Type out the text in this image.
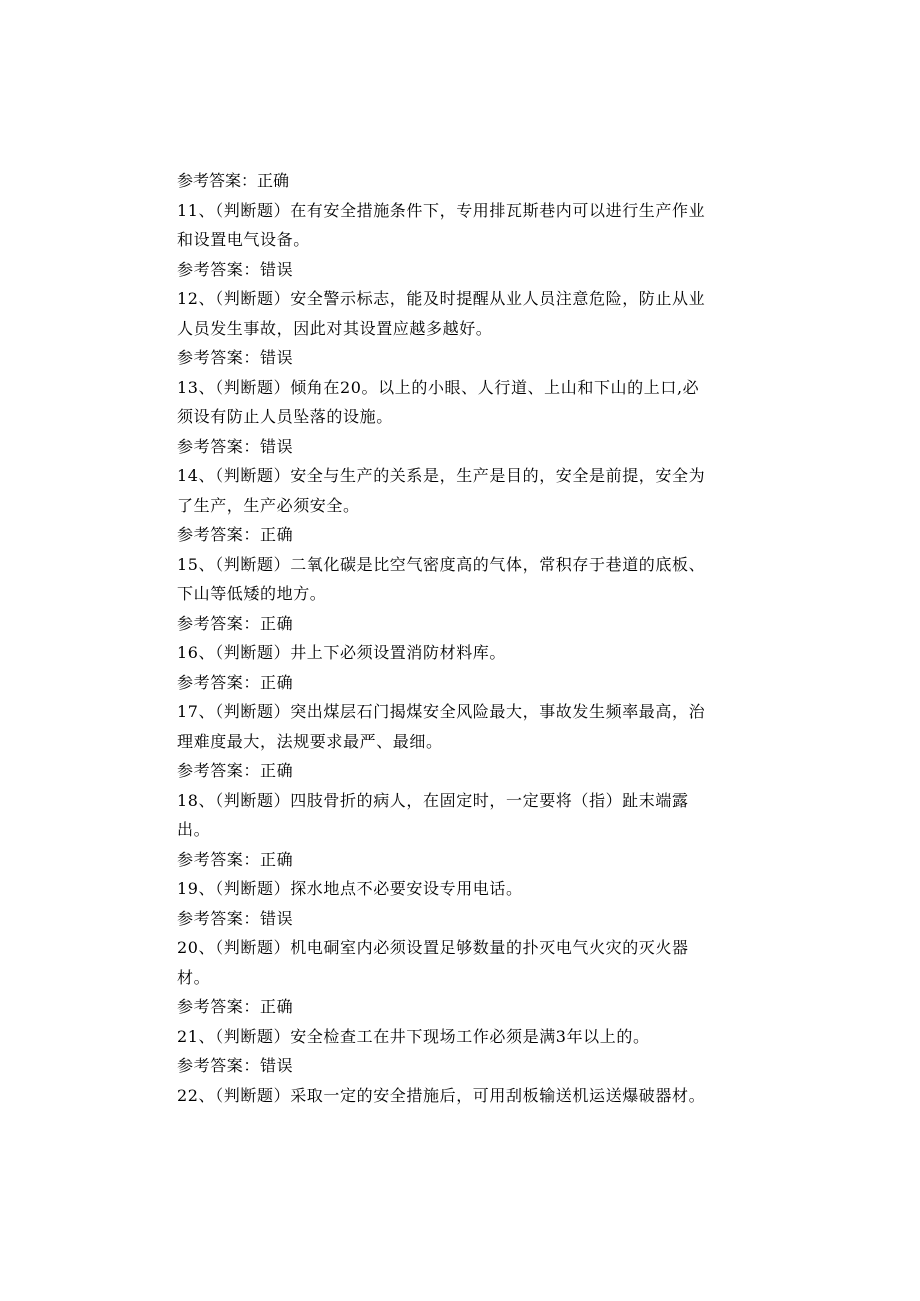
参考答案：正确
11、（判断题）在有安全措施条件下，专用排瓦斯巷内可以进行生产作业
和设置电气设备。
参考答案：错误
12、（判断题）安全警示标志，能及时提醒从业人员注意危险，防止从业
人员发生事故，因此对其设置应越多越好。
参考答案：错误
13、（判断题）倾角在20。以上的小眼、人行道、上山和下山的上口,必
须设有防止人员坠落的设施。
参考答案：错误
14、（判断题）安全与生产的关系是，生产是目的，安全是前提，安全为
了生产，生产必须安全。
参考答案：正确
15、（判断题）二氧化碳是比空气密度高的气体，常积存于巷道的底板、
下山等低矮的地方。
参考答案：正确
16、（判断题）井上下必须设置消防材料库。
参考答案：正确
17、（判断题）突出煤层石门揭煤安全风险最大，事故发生频率最高，治
理难度最大，法规要求最严、最细。
参考答案：正确
18、（判断题）四肢骨折的病人，在固定时，一定要将（指）趾末端露
出。
参考答案：正确
19、（判断题）探水地点不必要安设专用电话。
参考答案：错误
20、（判断题）机电硐室内必须设置足够数量的扑灭电气火灾的灭火器
材。
参考答案：正确
21、（判断题）安全检查工在井下现场工作必须是满3年以上的。
参考答案：错误
22、（判断题）采取一定的安全措施后，可用刮板输送机运送爆破器材。
